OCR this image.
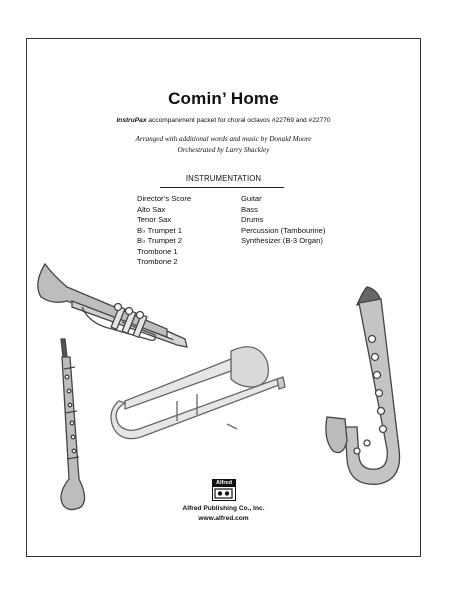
Comin’ Home
InstruPax accompaniment packet for choral octavos #22769 and #22770
Arranged with additional words and music by Donald Moore
Orchestrated by Larry Shackley
INSTRUMENTATION
Director’s Score
Alto Sax
Tenor Sax
B♭ Trumpet 1
B♭ Trumpet 2
Trombone 1
Trombone 2
Guitar
Bass
Drums
Percussion (Tambourine)
Synthesizer (B-3 Organ)
Alfred
Alfred Publishing Co., Inc.
www.alfred.com
